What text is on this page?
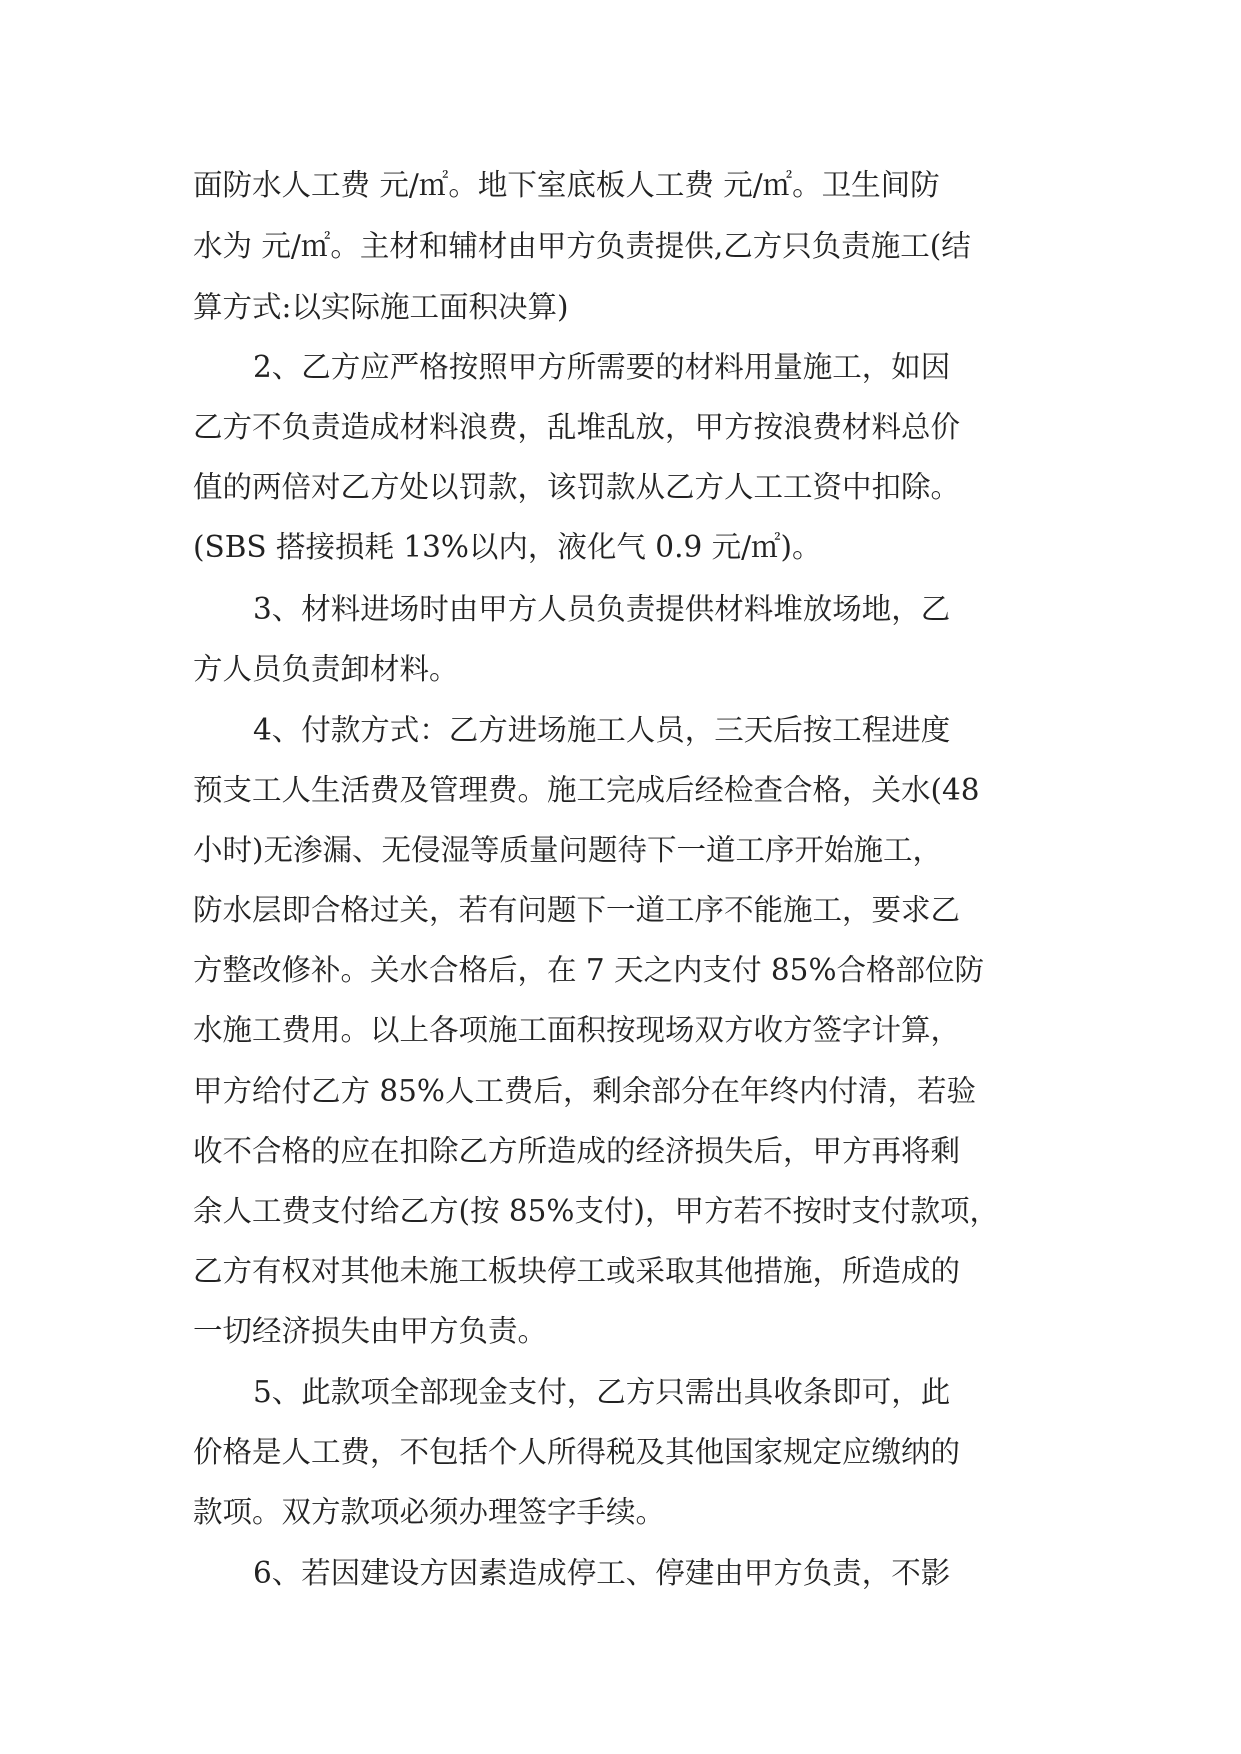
面防水人工费 元/㎡。地下室底板人工费 元/㎡。卫生间防
水为 元/㎡。主材和辅材由甲方负责提供,乙方只负责施工(结
算方式:以实际施工面积决算)
2、乙方应严格按照甲方所需要的材料用量施工，如因
乙方不负责造成材料浪费，乱堆乱放，甲方按浪费材料总价
值的两倍对乙方处以罚款，该罚款从乙方人工工资中扣除。
(SBS 搭接损耗 13%以内，液化气 0.9 元/㎡)。
3、材料进场时由甲方人员负责提供材料堆放场地，乙
方人员负责卸材料。
4、付款方式：乙方进场施工人员，三天后按工程进度
预支工人生活费及管理费。施工完成后经检查合格，关水(48
小时)无渗漏、无侵湿等质量问题待下一道工序开始施工，
防水层即合格过关，若有问题下一道工序不能施工，要求乙
方整改修补。关水合格后，在 7 天之内支付 85%合格部位防
水施工费用。以上各项施工面积按现场双方收方签字计算，
甲方给付乙方 85%人工费后，剩余部分在年终内付清，若验
收不合格的应在扣除乙方所造成的经济损失后，甲方再将剩
余人工费支付给乙方(按 85%支付)，甲方若不按时支付款项，
乙方有权对其他未施工板块停工或采取其他措施，所造成的
一切经济损失由甲方负责。
5、此款项全部现金支付，乙方只需出具收条即可，此
价格是人工费，不包括个人所得税及其他国家规定应缴纳的
款项。双方款项必须办理签字手续。
6、若因建设方因素造成停工、停建由甲方负责，不影
